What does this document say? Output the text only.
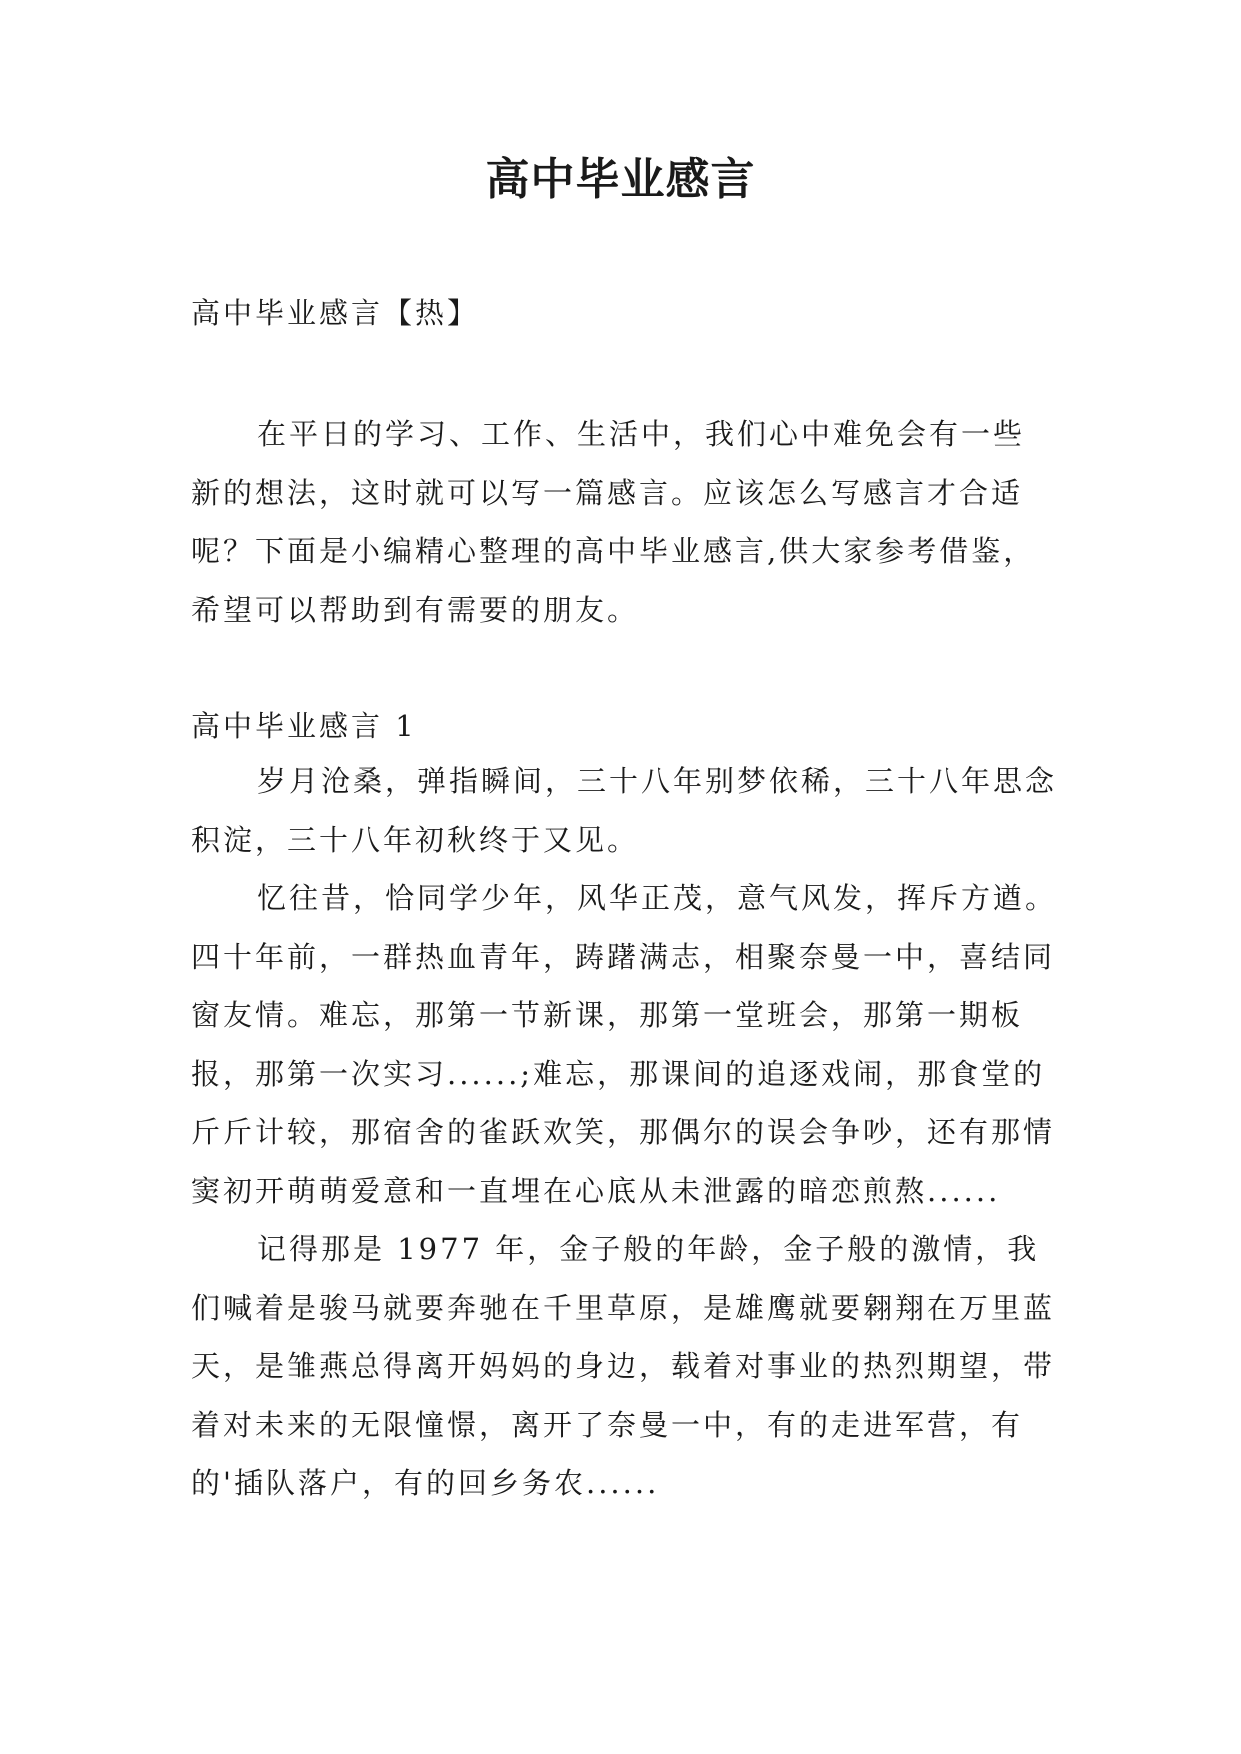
高中毕业感言
高中毕业感言【热】

在平日的学习、工作、生活中，我们心中难免会有一些新的想法，这时就可以写一篇感言。应该怎么写感言才合适呢？下面是小编精心整理的高中毕业感言,供大家参考借鉴，希望可以帮助到有需要的朋友。

高中毕业感言 1

岁月沧桑，弹指瞬间，三十八年别梦依稀，三十八年思念积淀，三十八年初秋终于又见。

忆往昔，恰同学少年，风华正茂，意气风发，挥斥方遒。四十年前，一群热血青年，踌躇满志，相聚奈曼一中，喜结同窗友情。难忘，那第一节新课，那第一堂班会，那第一期板报，那第一次实习......;难忘，那课间的追逐戏闹，那食堂的斤斤计较，那宿舍的雀跃欢笑，那偶尔的误会争吵，还有那情窦初开萌萌爱意和一直埋在心底从未泄露的暗恋煎熬......

记得那是 1977 年，金子般的年龄，金子般的激情，我们喊着是骏马就要奔驰在千里草原，是雄鹰就要翱翔在万里蓝天，是雏燕总得离开妈妈的身边，载着对事业的热烈期望，带着对未来的无限憧憬，离开了奈曼一中，有的走进军营，有的'插队落户，有的回乡务农......
